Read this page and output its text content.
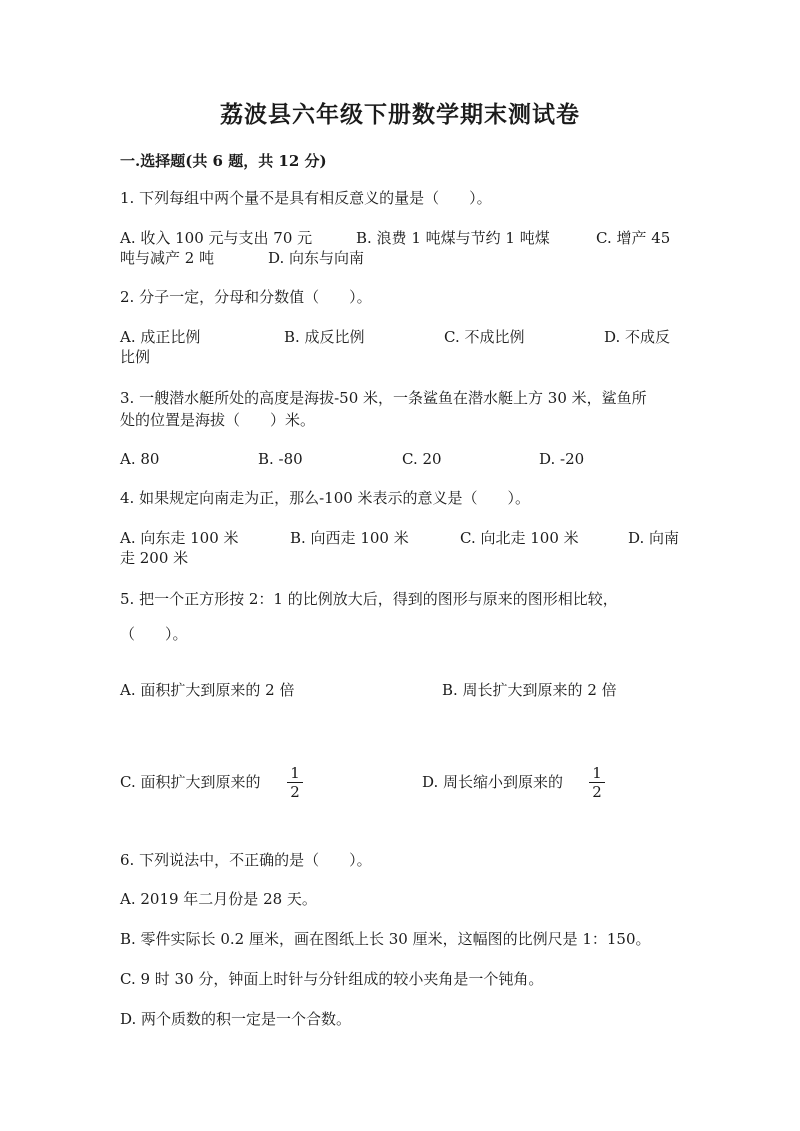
荔波县六年级下册数学期末测试卷
一.选择题(共 6 题，共 12 分)
1. 下列每组中两个量不是具有相反意义的量是（　　）。
A. 收入 100 元与支出 70 元	B. 浪费 1 吨煤与节约 1 吨煤	C. 增产 45
吨与减产 2 吨	D. 向东与向南
2. 分子一定，分母和分数值（　　）。
A. 成正比例	B. 成反比例	C. 不成比例	D. 不成反
比例
3. 一艘潜水艇所处的高度是海拔-50 米，一条鲨鱼在潜水艇上方 30 米，鲨鱼所
处的位置是海拔（　　）米。
A. 80	B. -80	C. 20	D. -20
4. 如果规定向南走为正，那么-100 米表示的意义是（　　）。
A. 向东走 100 米	B. 向西走 100 米	C. 向北走 100 米	D. 向南
走 200 米
5. 把一个正方形按 2：1 的比例放大后，得到的图形与原来的图形相比较，
（　　）。
A. 面积扩大到原来的 2 倍	B. 周长扩大到原来的 2 倍
C. 面积扩大到原来的 1
2
D. 周长缩小到原来的 1
2
6. 下列说法中，不正确的是（　　）。
A. 2019 年二月份是 28 天。
B. 零件实际长 0.2 厘米，画在图纸上长 30 厘米，这幅图的比例尺是 1：150。
C. 9 时 30 分，钟面上时针与分针组成的较小夹角是一个钝角。
D. 两个质数的积一定是一个合数。
